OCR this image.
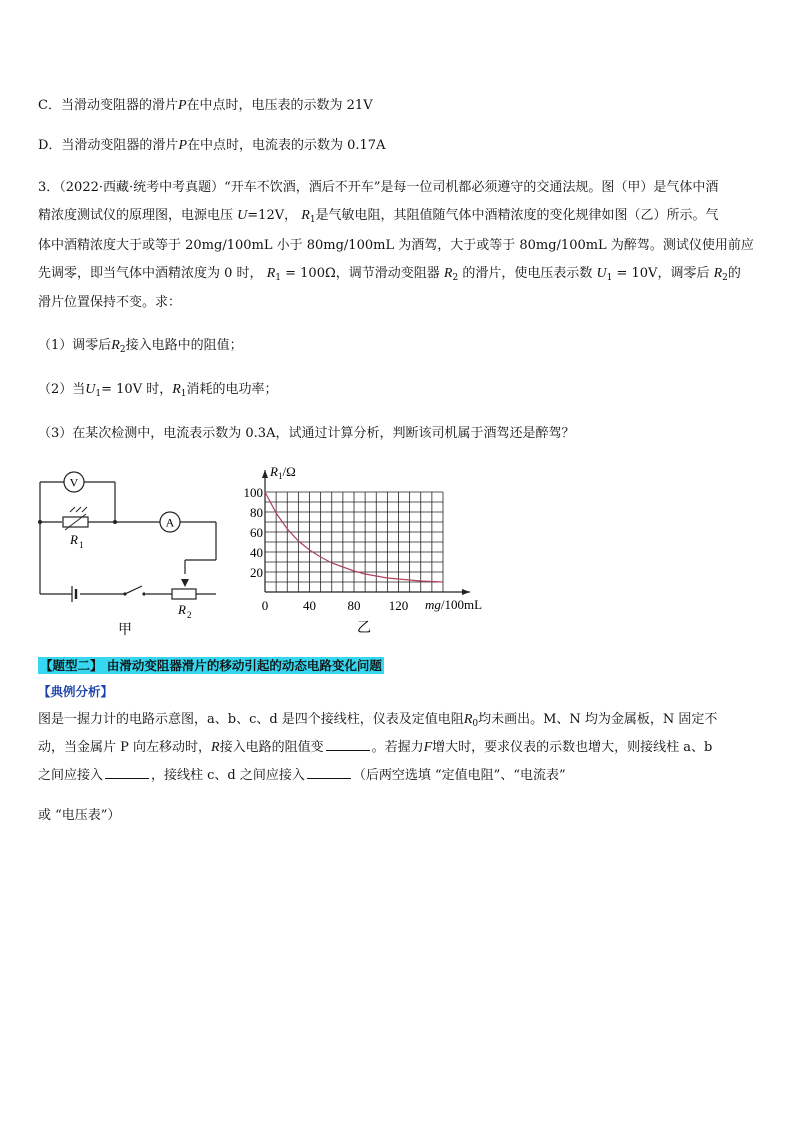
C．当滑动变阻器的滑片P在中点时，电压表的示数为 21V
D．当滑动变阻器的滑片P在中点时，电流表的示数为 0.17A
3．（2022·西藏·统考中考真题）“开车不饮酒，酒后不开车”是每一位司机都必须遵守的交通法规。图（甲）是气体中酒
精浓度测试仪的原理图，电源电压 U=12V， $R_1$是气敏电阻，其阻值随气体中酒精浓度的变化规律如图（乙）所示。气
体中酒精浓度大于或等于 20mg/100mL 小于 80mg/100mL 为酒驾，大于或等于 80mg/100mL 为醉驾。测试仪使用前应
先调零，即当气体中酒精浓度为 0 时， $R_1 = 100\Omega$，调节滑动变阻器 $R_2$ 的滑片，使电压表示数 $U_1 = 10V$，调零后 $R_2$的
滑片位置保持不变。求：
（1）调零后$R_2$接入电路中的阻值；
（2）当$U_1= 10V$ 时，$R_1$消耗的电功率；
（3）在某次检测中，电流表示数为 0.3A，试通过计算分析，判断该司机属于酒驾还是醉驾？
V
A
R 1
R 2
甲
0	40 80 120
20
40
60
80
100
$R_1/\Omega$
mg/100mL
乙
【题型二】 由滑动变阻器滑片的移动引起的动态电路变化问题
【典例分析】
图是一握力计的电路示意图，a、b、c、d 是四个接线柱，仪表及定值电阻$R_0$均未画出。M、N 均为金属板，N 固定不
动，当金属片 P 向左移动时，R接入电路的阻值变	。若握力F增大时，要求仪表的示数也增大，则接线柱 a、b
之间应接入	，接线柱 c、d 之间应接入	（后两空选填 “定值电阻”、“电流表”
或 “电压表”）
